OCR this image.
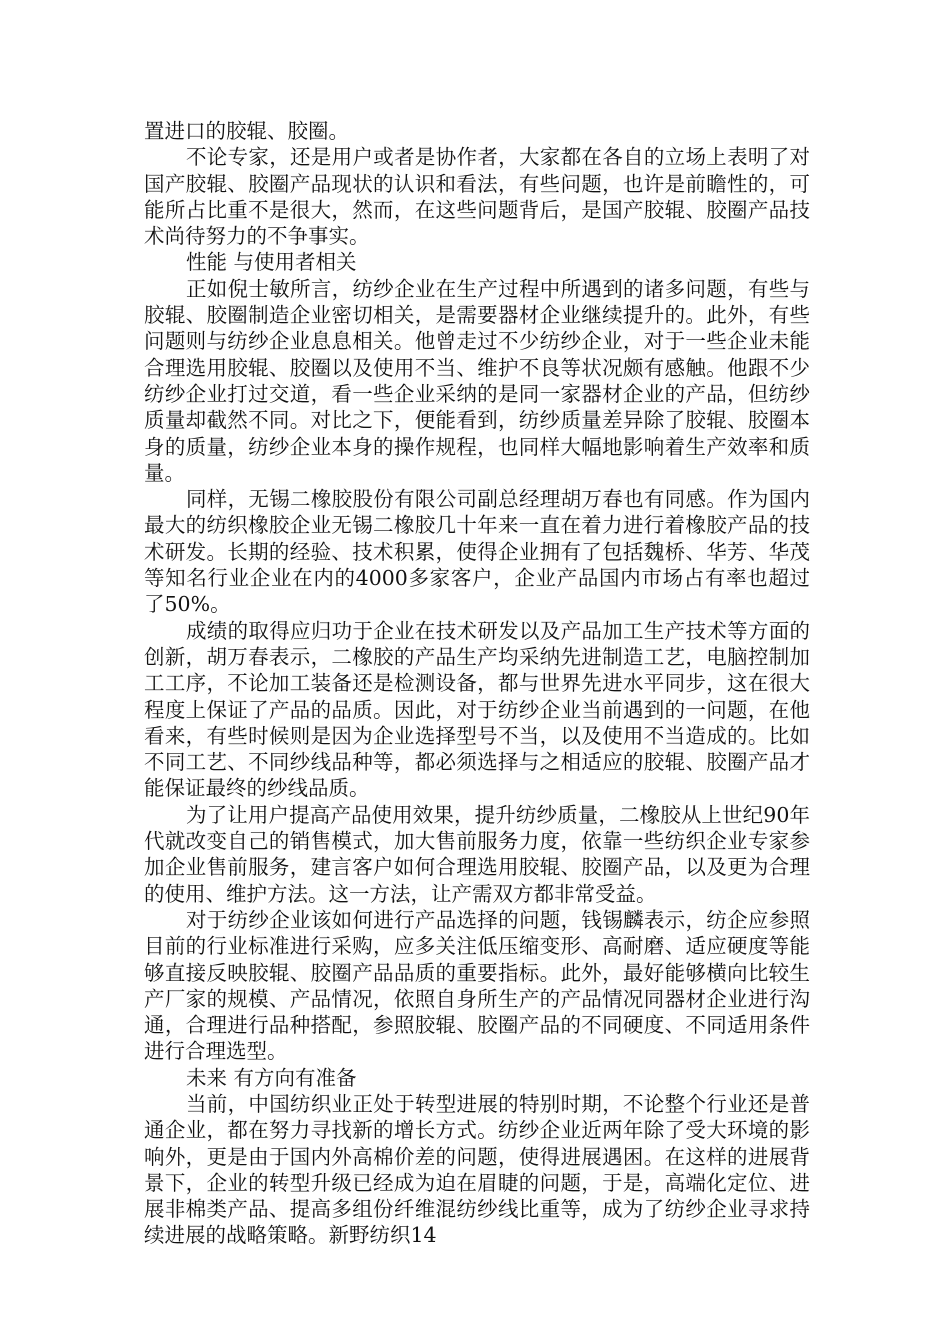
置进口的胶辊、胶圈。

不论专家，还是用户或者是协作者，大家都在各自的立场上表明了对国产胶辊、胶圈产品现状的认识和看法，有些问题，也许是前瞻性的，可能所占比重不是很大，然而，在这些问题背后，是国产胶辊、胶圈产品技术尚待努力的不争事实。

性能 与使用者相关

正如倪士敏所言，纺纱企业在生产过程中所遇到的诸多问题，有些与胶辊、胶圈制造企业密切相关，是需要器材企业继续提升的。此外，有些问题则与纺纱企业息息相关。他曾走过不少纺纱企业，对于一些企业未能合理选用胶辊、胶圈以及使用不当、维护不良等状况颇有感触。他跟不少纺纱企业打过交道，看一些企业采纳的是同一家器材企业的产品，但纺纱质量却截然不同。对比之下，便能看到，纺纱质量差异除了胶辊、胶圈本身的质量，纺纱企业本身的操作规程，也同样大幅地影响着生产效率和质量。

同样，无锡二橡胶股份有限公司副总经理胡万春也有同感。作为国内最大的纺织橡胶企业无锡二橡胶几十年来一直在着力进行着橡胶产品的技术研发。长期的经验、技术积累，使得企业拥有了包括魏桥、华芳、华茂等知名行业企业在内的4000多家客户，企业产品国内市场占有率也超过了50%。

成绩的取得应归功于企业在技术研发以及产品加工生产技术等方面的创新，胡万春表示，二橡胶的产品生产均采纳先进制造工艺，电脑控制加工工序，不论加工装备还是检测设备，都与世界先进水平同步，这在很大程度上保证了产品的品质。因此，对于纺纱企业当前遇到的一问题，在他看来，有些时候则是因为企业选择型号不当，以及使用不当造成的。比如不同工艺、不同纱线品种等，都必须选择与之相适应的胶辊、胶圈产品才能保证最终的纱线品质。

为了让用户提高产品使用效果，提升纺纱质量，二橡胶从上世纪90年代就改变自己的销售模式，加大售前服务力度，依靠一些纺织企业专家参加企业售前服务，建言客户如何合理选用胶辊、胶圈产品，以及更为合理的使用、维护方法。这一方法，让产需双方都非常受益。

对于纺纱企业该如何进行产品选择的问题，钱锡麟表示，纺企应参照目前的行业标准进行采购，应多关注低压缩变形、高耐磨、适应硬度等能够直接反映胶辊、胶圈产品品质的重要指标。此外，最好能够横向比较生产厂家的规模、产品情况，依照自身所生产的产品情况同器材企业进行沟通，合理进行品种搭配，参照胶辊、胶圈产品的不同硬度、不同适用条件进行合理选型。

未来 有方向有准备

当前，中国纺织业正处于转型进展的特别时期，不论整个行业还是普通企业，都在努力寻找新的增长方式。纺纱企业近两年除了受大环境的影响外，更是由于国内外高棉价差的问题，使得进展遇困。在这样的进展背景下，企业的转型升级已经成为迫在眉睫的问题，于是，高端化定位、进展非棉类产品、提高多组份纤维混纺纱线比重等，成为了纺纱企业寻求持续进展的战略策略。新野纺织14
